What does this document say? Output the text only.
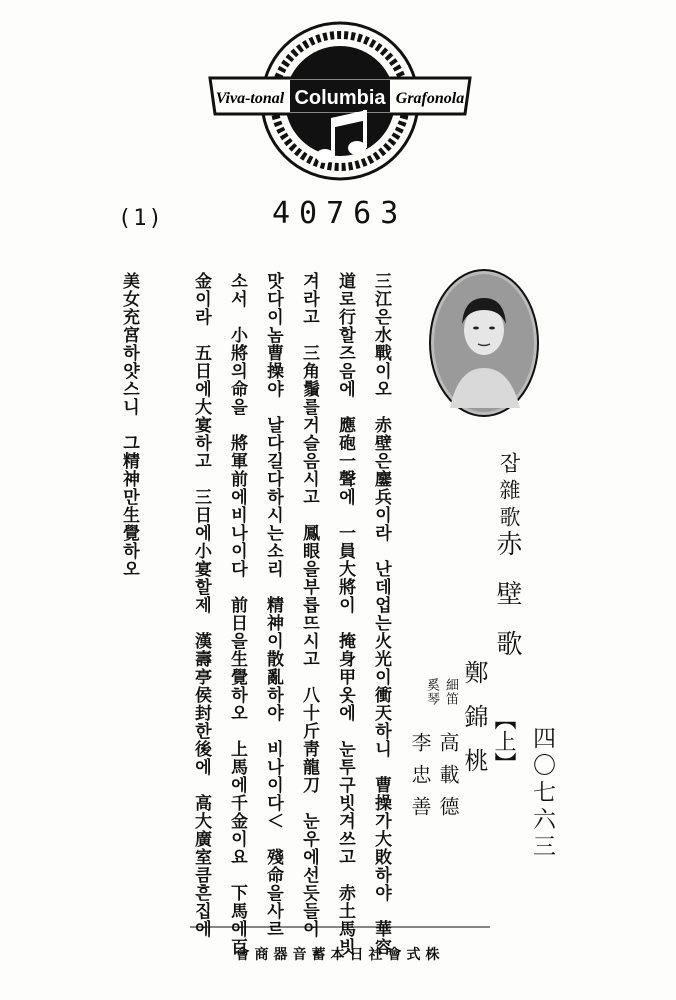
Viva-tonal Columbia Grafonola
(1)	40763
四〇七六三
잡雜歌
赤壁歌
【上】
鄭錦桃
細笛
奚琴
高載德
李忠善
三江은水戰이오　赤壁은鏖兵이라　난데업는火光이衝天하니　曹操가大敗하야　華容
道로行할즈음에　應砲一聲에　一員大將이　掩身甲옷에　눈투구빗겨쓰고　赤土馬빗
겨라고　三角鬚를거슬음시고　鳳眼을부릅뜨시고　八十斤靑龍刀　눈우에선듯들어
맛다이놈曹操야　날다길다하시는소리　精神이散亂하야　비나이다＜　殘命을사르
소서　小將의命을　將軍前에비나이다　前日을生覺하오　上馬에千金이요　下馬에百
金이라　五日에大宴하고　三日에小宴할제　漢壽亭侯封한後에　高大廣室큼흔집에
美女充宮하얏스니　그精神만生覺하오
會商器音蓄本日社會式株
